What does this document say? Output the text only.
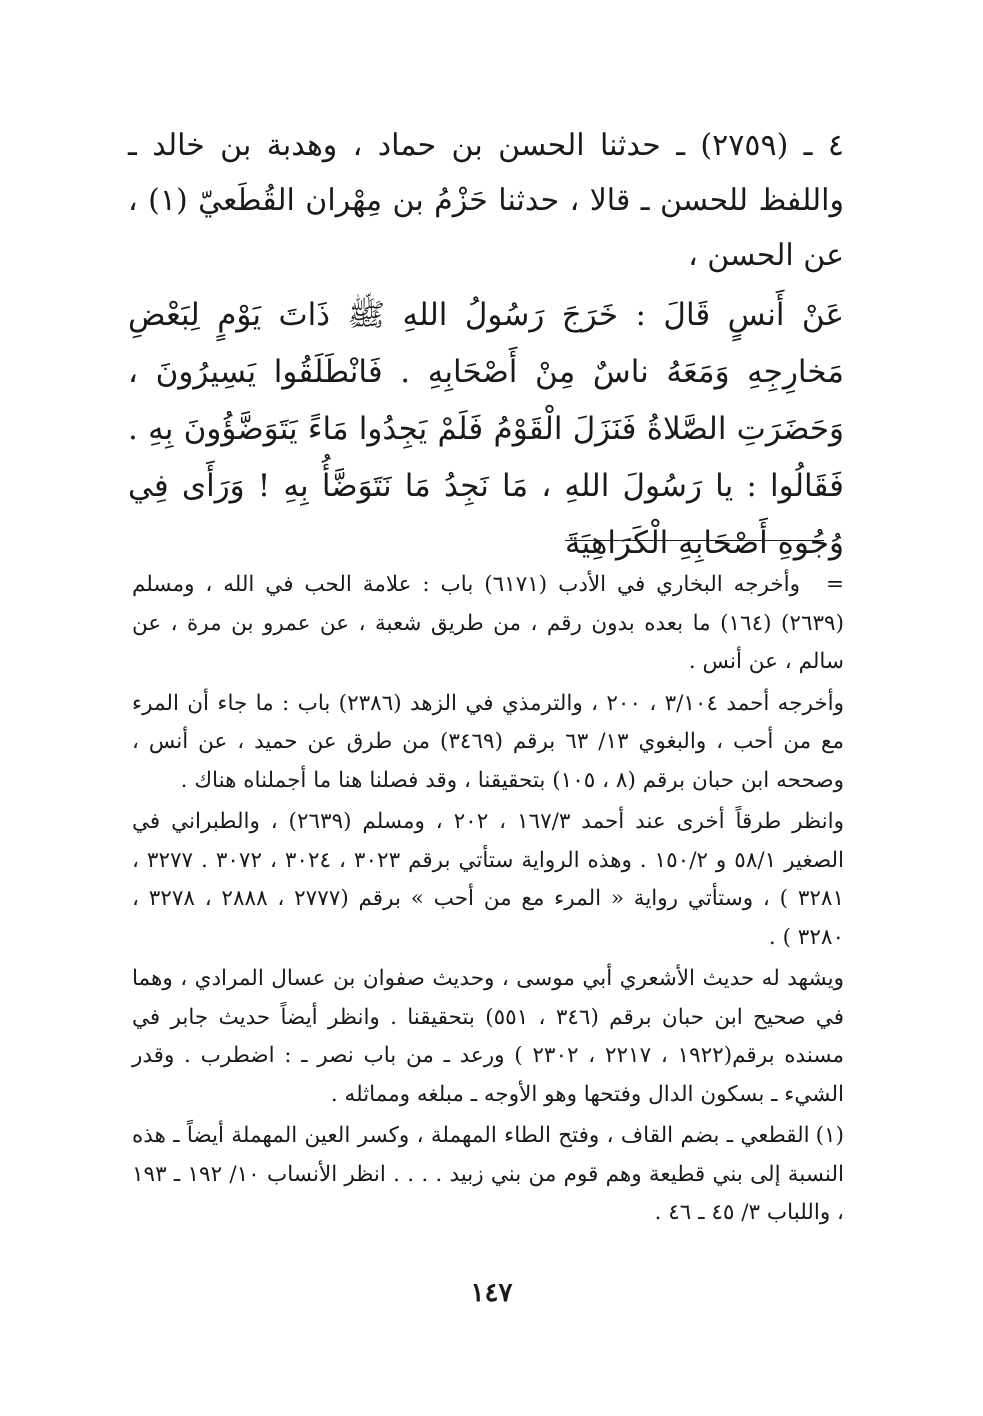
٤ ـ (٢٧٥٩) ـ حدثنا الحسن بن حماد ، وهدبة بن خالد ـ واللفظ للحسن ـ قالا ، حدثنا حَزْمُ بن مِهْران القُطَعيّ (١) ، عن الحسن ،

عَنْ أَنسٍ قَالَ : خَرَجَ رَسُولُ اللهِ ﷺ ذَاتَ يَوْمٍ لِبَعْضِ مَخارِجِهِ وَمَعَهُ ناسٌ مِنْ أَصْحَابِهِ . فَانْطَلَقُوا يَسِيرُونَ ، وَحَضَرَتِ الصَّلاةُ فَنَزَلَ الْقَوْمُ فَلَمْ يَجِدُوا مَاءً يَتَوَضَّؤُونَ بِهِ . فَقَالُوا : يا رَسُولَ اللهِ ، مَا نَجِدُ مَا نَتَوَضَّأُ بِهِ ! وَرَأَى فِي وُجُوهِ أَصْحَابِهِ الْكَرَاهِيَةَ

=وأخرجه البخاري في الأدب (٦١٧١) باب : علامة الحب في الله ، ومسلم (٢٦٣٩) (١٦٤) ما بعده بدون رقم ، من طريق شعبة ، عن عمرو بن مرة ، عن سالم ، عن أنس .

وأخرجه أحمد ٣/١٠٤ ، ٢٠٠ ، والترمذي في الزهد (٢٣٨٦) باب : ما جاء أن المرء مع من أحب ، والبغوي ١٣/ ٦٣ برقم (٣٤٦٩) من طرق عن حميد ، عن أنس ، وصححه ابن حبان برقم (٨ ، ١٠٥) بتحقيقنا ، وقد فصلنا هنا ما أجملناه هناك .

وانظر طرقاً أخرى عند أحمد ١٦٧/٣ ، ٢٠٢ ، ومسلم (٢٦٣٩) ، والطبراني في الصغير ٥٨/١ و ١٥٠/٢ . وهذه الرواية ستأتي برقم ٣٠٢٣ ، ٣٠٢٤ ، ٣٠٧٢ . ٣٢٧٧ ، ٣٢٨١ ) ، وستأتي رواية « المرء مع من أحب » برقم (٢٧٧٧ ، ٢٨٨٨ ، ٣٢٧٨ ، ٣٢٨٠ ) .

ويشهد له حديث الأشعري أبي موسى ، وحديث صفوان بن عسال المرادي ، وهما في صحيح ابن حبان برقم (٣٤٦ ، ٥٥١) بتحقيقنا . وانظر أيضاً حديث جابر في مسنده برقم(١٩٢٢ ، ٢٢١٧ ، ٢٣٠٢ ) ورعد ـ من باب نصر ـ : اضطرب . وقدر الشيء ـ بسكون الدال وفتحها وهو الأوجه ـ مبلغه ومماثله .

(١)القطعي ـ بضم القاف ، وفتح الطاء المهملة ، وكسر العين المهملة أيضاً ـ هذه النسبة إلى بني قطيعة وهم قوم من بني زبيد . . . . انظر الأنساب ١٠/ ١٩٢ ـ ١٩٣ ، واللباب ٣/ ٤٥ ـ ٤٦ .

١٤٧
